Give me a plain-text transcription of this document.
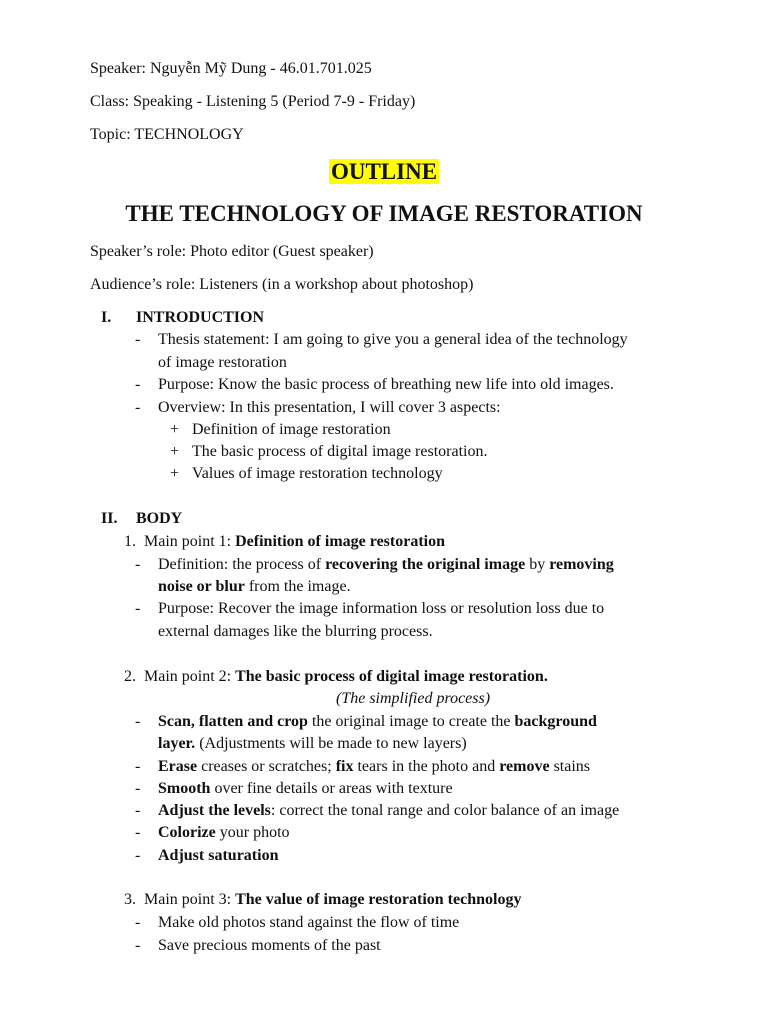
Speaker: Nguyễn Mỹ Dung - 46.01.701.025
Class: Speaking - Listening 5 (Period 7-9 - Friday)
Topic: TECHNOLOGY
OUTLINE
THE TECHNOLOGY OF IMAGE RESTORATION
Speaker’s role: Photo editor (Guest speaker)
Audience’s role: Listeners (in a workshop about photoshop)
I. INTRODUCTION
- Thesis statement: I am going to give you a general idea of the technology
of image restoration
- Purpose: Know the basic process of breathing new life into old images.
- Overview: In this presentation, I will cover 3 aspects:
+ Definition of image restoration
+ The basic process of digital image restoration.
+ Values of image restoration technology
II. BODY
1. Main point 1: Definition of image restoration
- Definition: the process of recovering the original image by removing
noise or blur from the image.
- Purpose: Recover the image information loss or resolution loss due to
external damages like the blurring process.
2. Main point 2: The basic process of digital image restoration.
(The simplified process)
- Scan, flatten and crop the original image to create the background
layer. (Adjustments will be made to new layers)
- Erase creases or scratches; fix tears in the photo and remove stains
- Smooth over fine details or areas with texture
- Adjust the levels: correct the tonal range and color balance of an image
- Colorize your photo
- Adjust saturation
3. Main point 3: The value of image restoration technology
- Make old photos stand against the flow of time
- Save precious moments of the past
